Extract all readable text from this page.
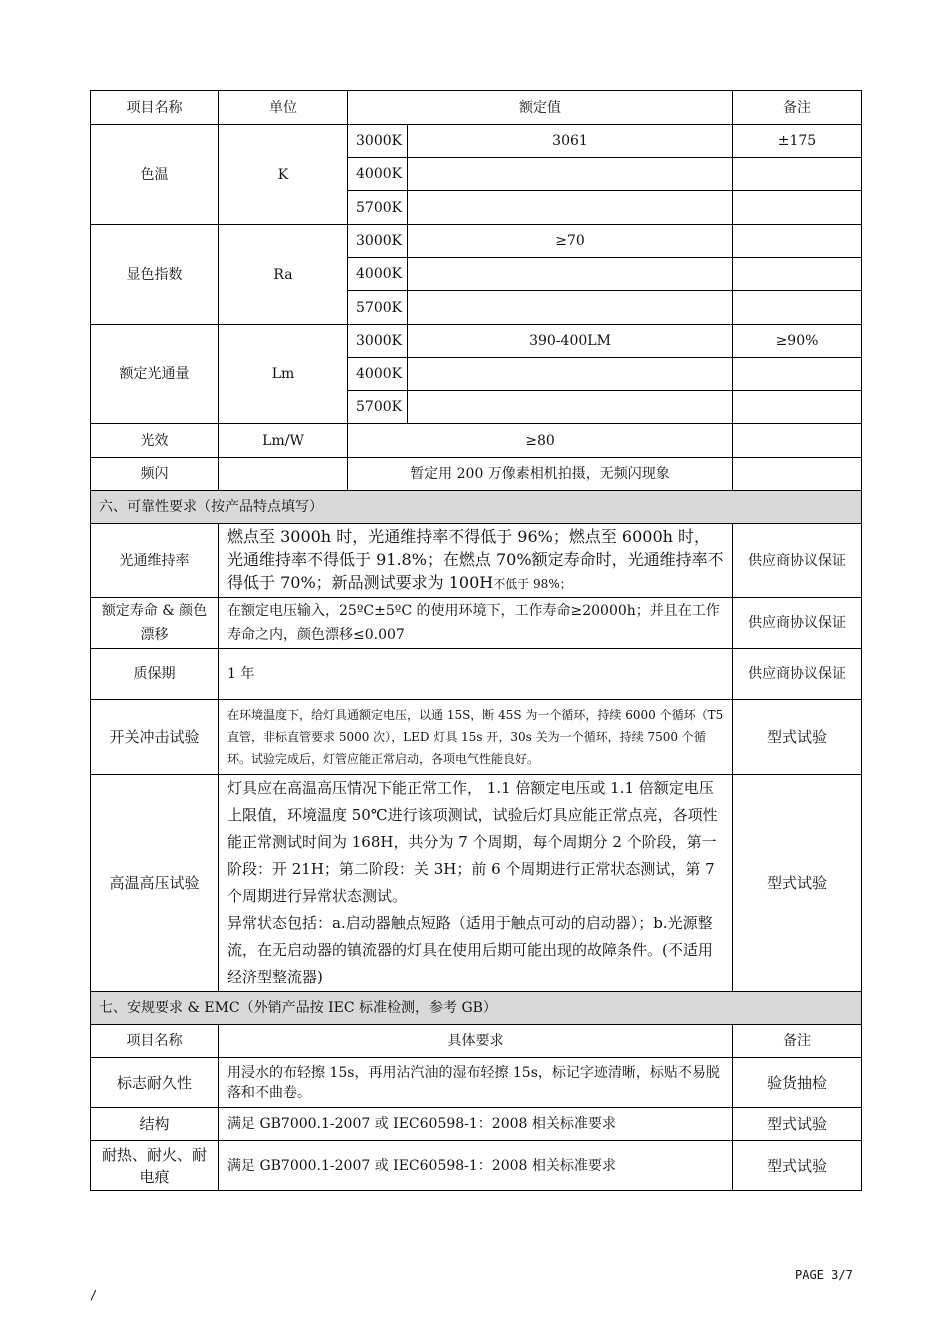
项目名称	单位	额定值		备注
色温	K	3000K	3061	±175
		4000K		
		5700K		
显色指数	Ra	3000K	≥70	
		4000K		
		5700K		
额定光通量	Lm	3000K	390-400LM	≥90%
		4000K		
		5700K		
光效	Lm/W	≥80		
频闪		暂定用 200 万像素相机拍摄，无频闪现象		
六、可靠性要求（按产品特点填写）				
光通维持率	燃点至 3000h 时，光通维持率不得低于 96%；燃点至 6000h 时，光通维持率不得低于 91.8%；在燃点 70%额定寿命时，光通维持率不得低于 70%；新品测试要求为 100H不低于 98%；			供应商协议保证
额定寿命 & 颜色漂移	在额定电压输入，25ºC±5ºC 的使用环境下，工作寿命≥20000h；并且在工作寿命之内，颜色漂移≤0.007			供应商协议保证
质保期	1 年			供应商协议保证
开关冲击试验	在环境温度下，给灯具通额定电压，以通 15S，断 45S 为一个循环，持续 6000 个循环（T5 直管，非标直管要求 5000 次），LED 灯具 15s 开，30s 关为一个循环，持续 7500 个循环。试验完成后，灯管应能正常启动，各项电气性能良好。			型式试验
高温高压试验	灯具应在高温高压情况下能正常工作， 1.1 倍额定电压或 1.1 倍额定电压上限值，环境温度 50℃进行该项测试，试验后灯具应能正常点亮，各项性能正常测试时间为 168H，共分为 7 个周期，每个周期分 2 个阶段，第一阶段：开 21H；第二阶段：关 3H；前 6 个周期进行正常状态测试，第 7 个周期进行异常状态测试。
异常状态包括：a.启动器触点短路（适用于触点可动的启动器）；b.光源整流，在无启动器的镇流器的灯具在使用后期可能出现的故障条件。(不适用经济型整流器)			型式试验
七、安规要求 & EMC（外销产品按 IEC 标准检测，参考 GB）				
项目名称	具体要求			备注
标志耐久性	用浸水的布轻擦 15s，再用沾汽油的湿布轻擦 15s，标记字迹清晰，标贴不易脱落和不曲卷。			验货抽检
结构	满足 GB7000.1-2007 或 IEC60598-1：2008 相关标准要求			型式试验
耐热、耐火、耐电痕	满足 GB7000.1-2007 或 IEC60598-1：2008 相关标准要求			型式试验
PAGE 3/7
/
